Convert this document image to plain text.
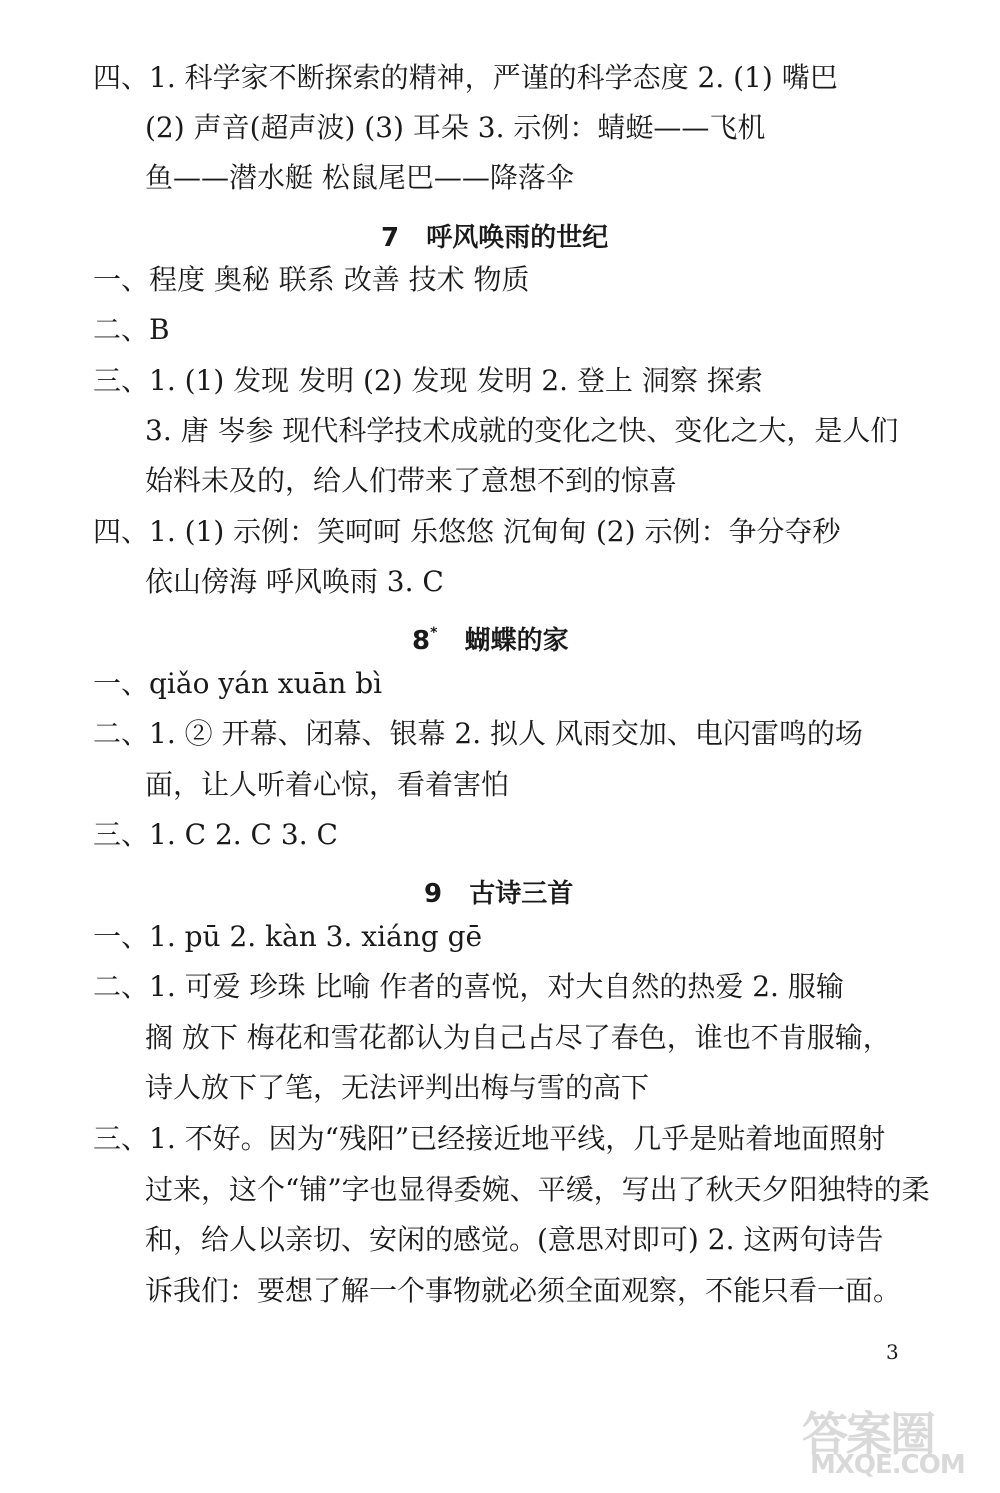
四、1. 科学家不断探索的精神，严谨的科学态度 2. (1) 嘴巴
(2) 声音(超声波) (3) 耳朵 3. 示例：蜻蜓——飞机
鱼——潜水艇 松鼠尾巴——降落伞
7 呼风唤雨的世纪
一、程度 奥秘 联系 改善 技术 物质
二、B
三、1. (1) 发现 发明 (2) 发现 发明 2. 登上 洞察 探索
3. 唐 岑参 现代科学技术成就的变化之快、变化之大，是人们
始料未及的，给人们带来了意想不到的惊喜
四、1. (1) 示例：笑呵呵 乐悠悠 沉甸甸 (2) 示例：争分夺秒
依山傍海 呼风唤雨 3. C
8* 蝴蝶的家
一、qiǎo yán xuān bì
二、1. ② 开幕、闭幕、银幕 2. 拟人 风雨交加、电闪雷鸣的场
面，让人听着心惊，看着害怕
三、1. C 2. C 3. C
9 古诗三首
一、1. pū 2. kàn 3. xiáng gē
二、1. 可爱 珍珠 比喻 作者的喜悦，对大自然的热爱 2. 服输
搁 放下 梅花和雪花都认为自己占尽了春色，谁也不肯服输，
诗人放下了笔，无法评判出梅与雪的高下
三、1. 不好。因为“残阳”已经接近地平线，几乎是贴着地面照射
过来，这个“铺”字也显得委婉、平缓，写出了秋天夕阳独特的柔
和，给人以亲切、安闲的感觉。(意思对即可) 2. 这两句诗告
诉我们：要想了解一个事物就必须全面观察，不能只看一面。
3
答案圈
MXQE.COM
